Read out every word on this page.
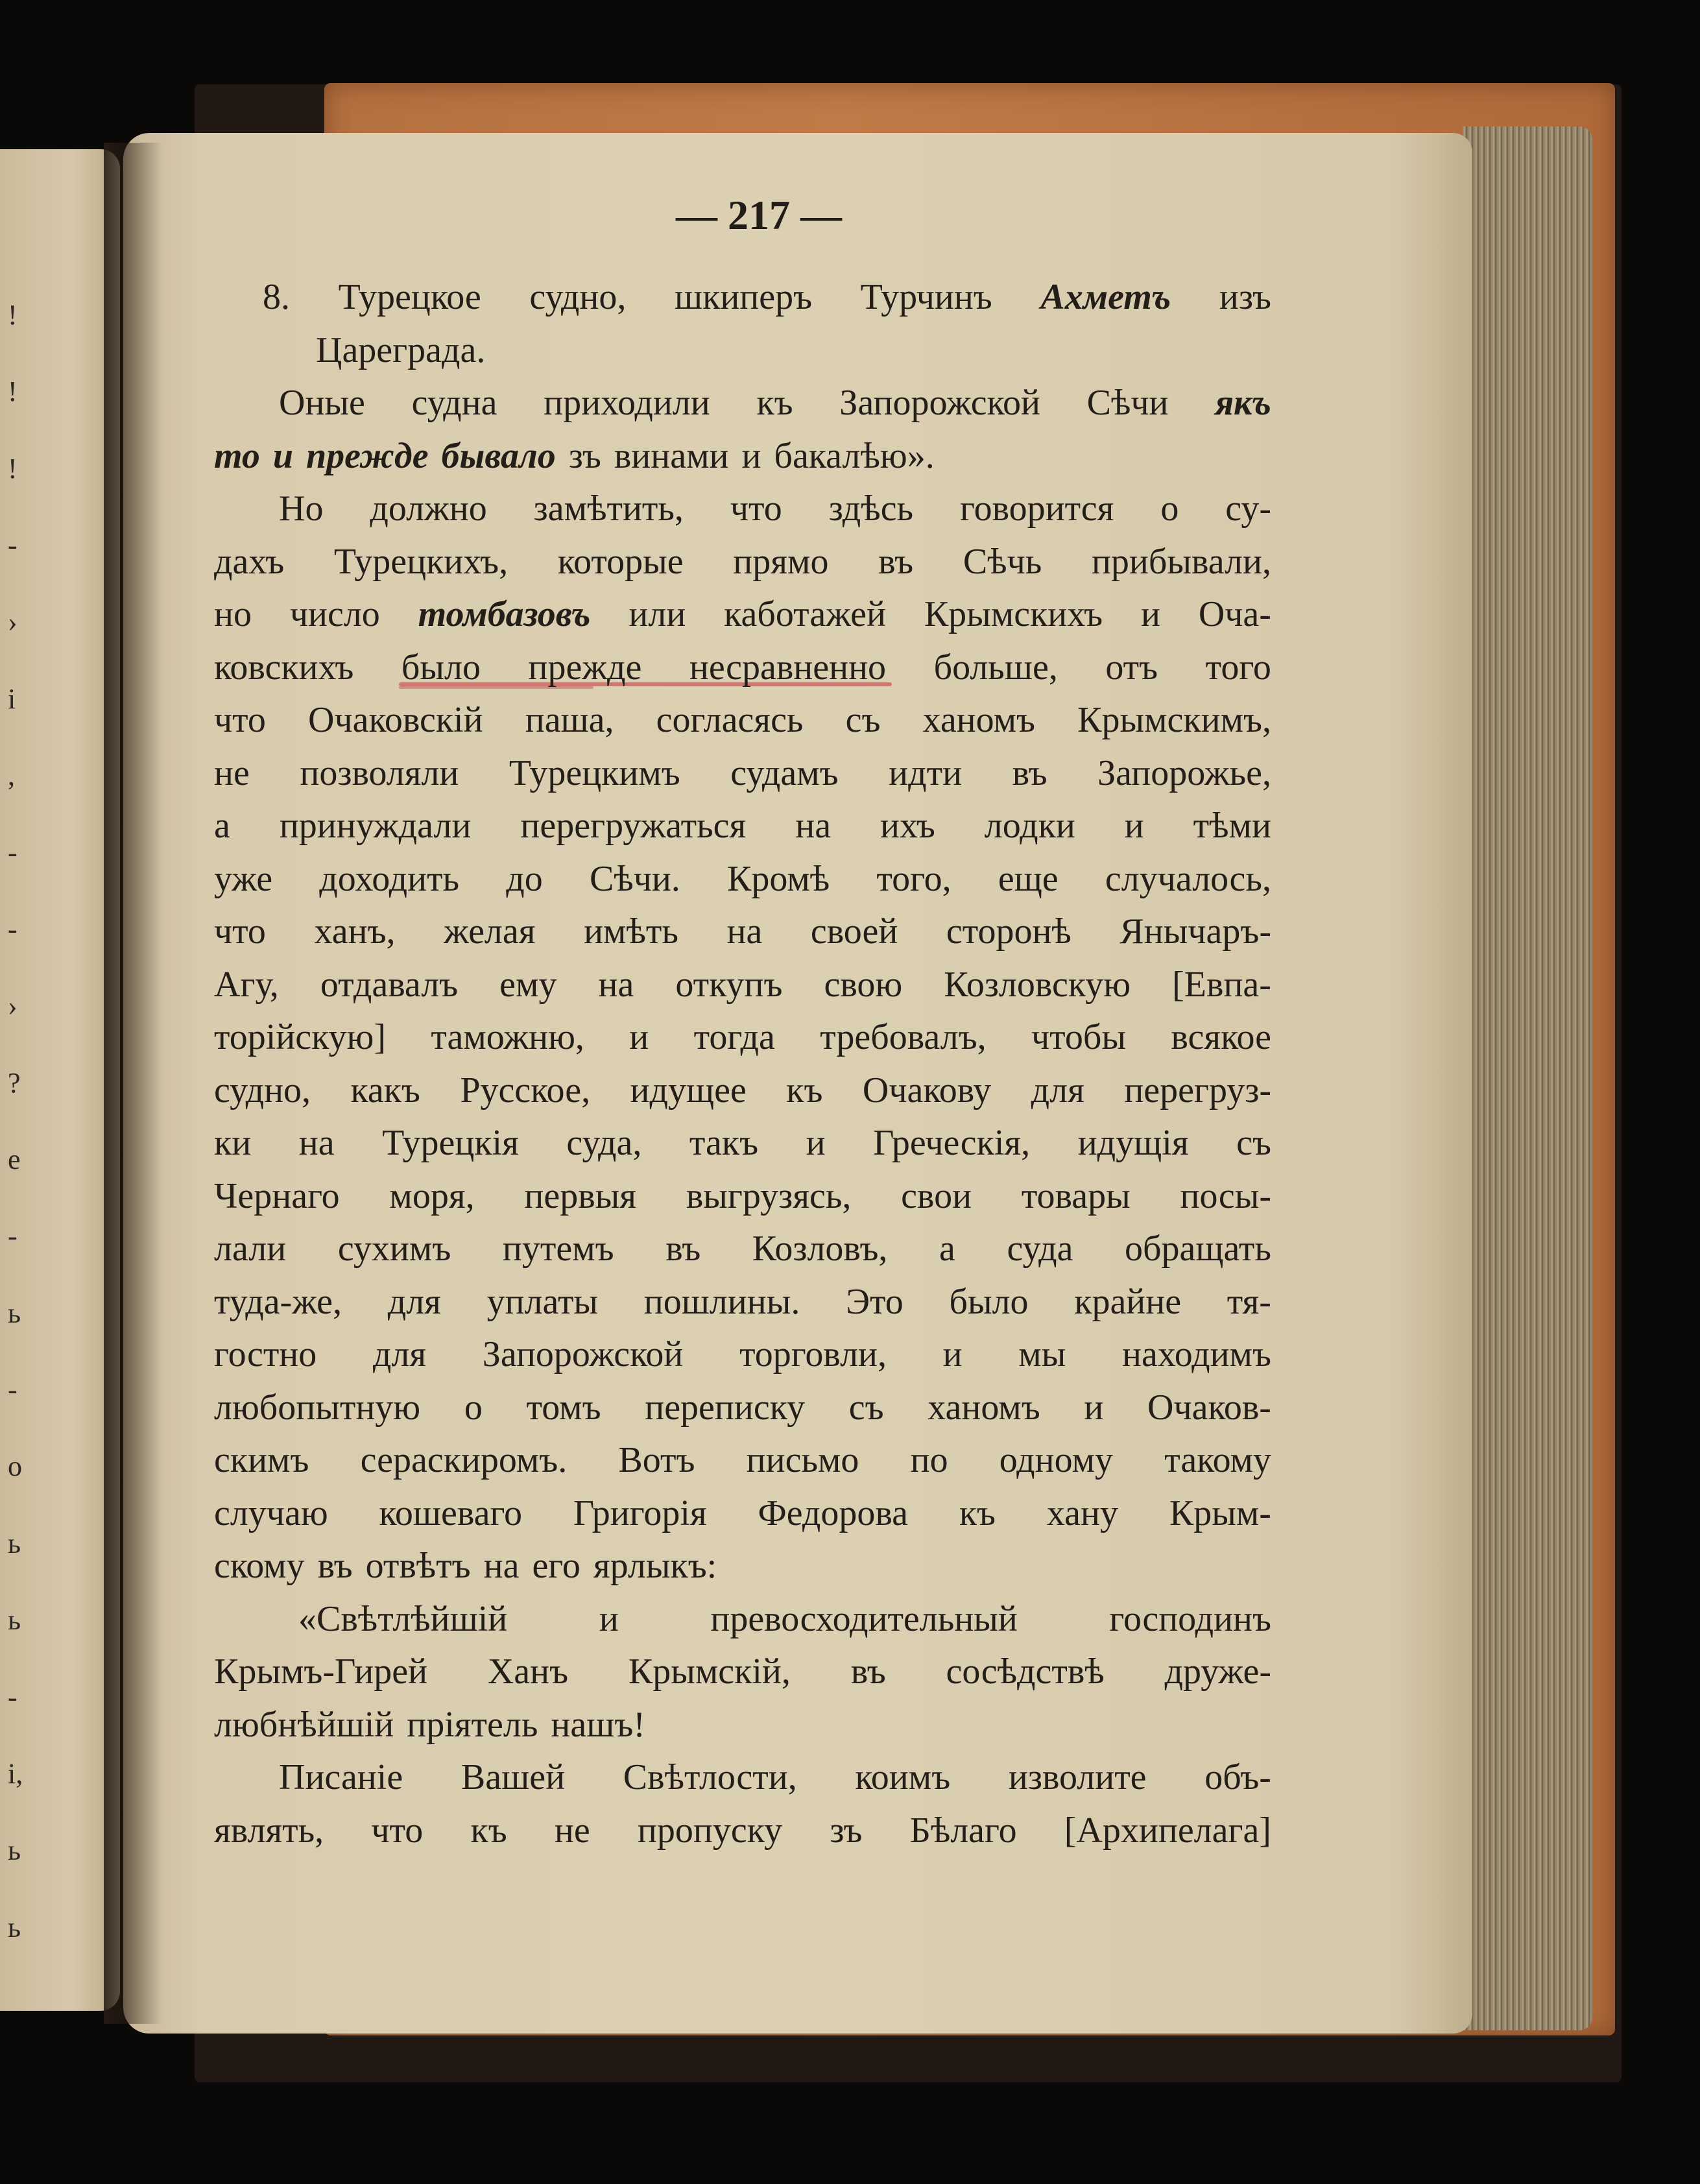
!
!
!
-
›
і
,
-
-
›
?
е
-
ь
-
о
ь
ь
-
і,
ь
ь
— 217 —
8. Турецкое судно, шкиперъ Турчинъ Ахметъ изъ
Цареграда.
Оные судна приходили къ Запорожской Сѣчи якъ
то и прежде бывало зъ винами и бакалѣю».
Но должно замѣтить, что здѣсь говорится о су-
дахъ Турецкихъ, которые прямо въ Сѣчь прибывали,
но число томбазовъ или каботажей Крымскихъ и Оча-
ковскихъ было прежде несравненно больше, отъ того
что Очаковскій паша, согласясь съ ханомъ Крымскимъ,
не позволяли Турецкимъ судамъ идти въ Запорожье,
а принуждали перегружаться на ихъ лодки и тѣми
уже доходить до Сѣчи. Кромѣ того, еще случалось,
что ханъ, желая имѣть на своей сторонѣ Янычаръ-
Агу, отдавалъ ему на откупъ свою Козловскую [Евпа-
торійскую] таможню, и тогда требовалъ, чтобы всякое
судно, какъ Русское, идущее къ Очакову для перегруз-
ки на Турецкія суда, такъ и Греческія, идущія съ
Чернаго моря, первыя выгрузясь, свои товары посы-
лали сухимъ путемъ въ Козловъ, а суда обращать
туда-же, для уплаты пошлины. Это было крайне тя-
гостно для Запорожской торговли, и мы находимъ
любопытную о томъ переписку съ ханомъ и Очаков-
скимъ сераскиромъ. Вотъ письмо по одному такому
случаю кошеваго Григорія Федорова къ хану Крым-
скому въ отвѣтъ на его ярлыкъ:
«Свѣтлѣйшій	и	превосходительный	господинъ
Крымъ-Гирей Ханъ Крымскій, въ сосѣдствѣ друже-
любнѣйшій пріятель нашъ!
Писаніе Вашей Свѣтлости, коимъ изволите объ-
являть, что къ не пропуску зъ Бѣлаго [Архипелага]
